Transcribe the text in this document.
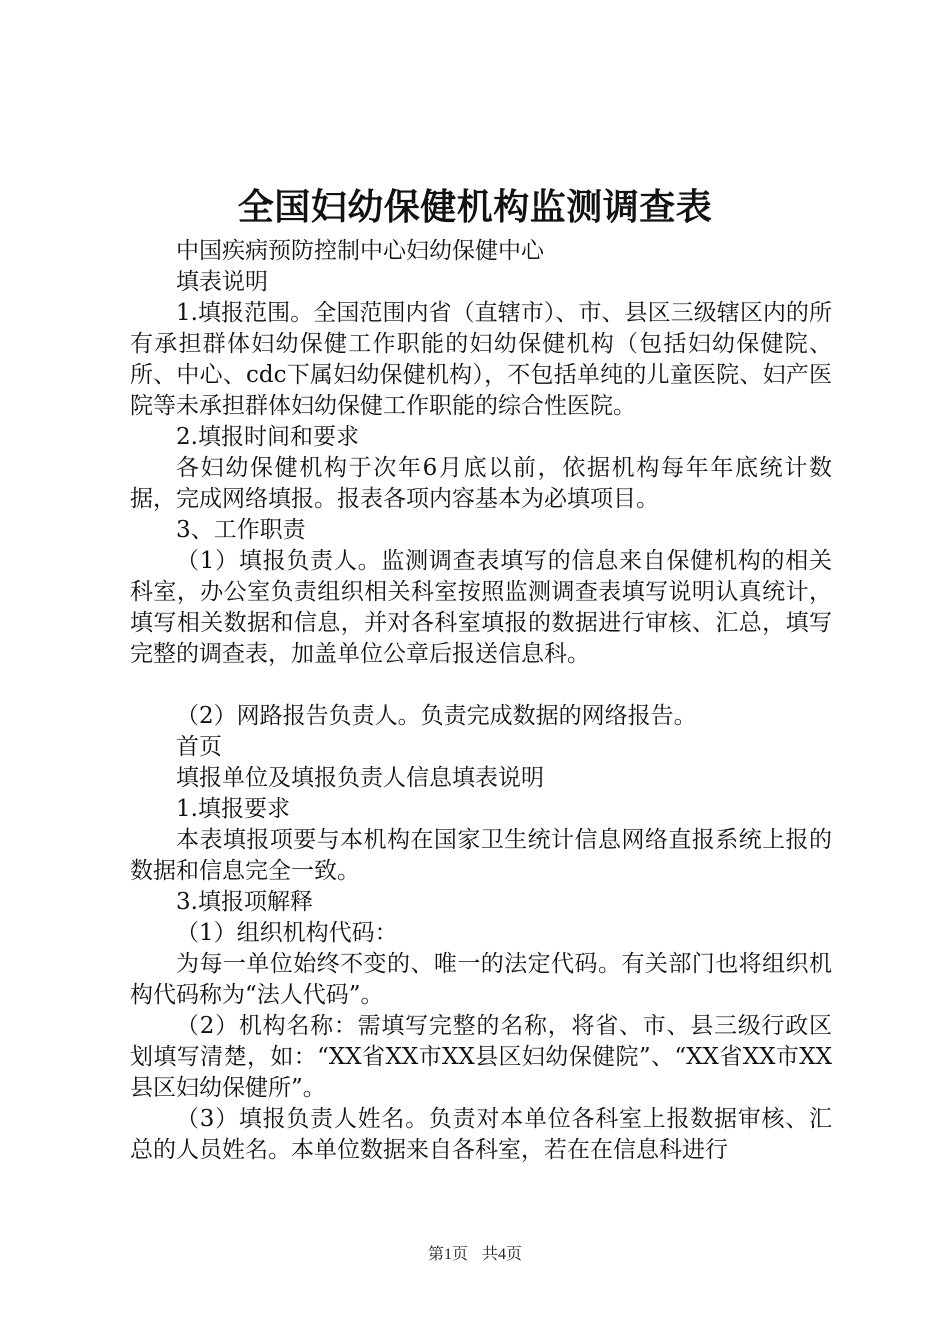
全国妇幼保健机构监测调查表

中国疾病预防控制中心妇幼保健中心

填表说明

1.填报范围。全国范围内省（直辖市）、市、县区三级辖区内的所有承担群体妇幼保健工作职能的妇幼保健机构（包括妇幼保健院、所、中心、cdc下属妇幼保健机构），不包括单纯的儿童医院、妇产医院等未承担群体妇幼保健工作职能的综合性医院。

2.填报时间和要求

各妇幼保健机构于次年6月底以前，依据机构每年年底统计数据，完成网络填报。报表各项内容基本为必填项目。

3、工作职责

（1）填报负责人。监测调查表填写的信息来自保健机构的相关科室，办公室负责组织相关科室按照监测调查表填写说明认真统计，填写相关数据和信息，并对各科室填报的数据进行审核、汇总，填写完整的调查表，加盖单位公章后报送信息科。

（2）网路报告负责人。负责完成数据的网络报告。

首页

填报单位及填报负责人信息填表说明

1.填报要求

本表填报项要与本机构在国家卫生统计信息网络直报系统上报的数据和信息完全一致。

3.填报项解释

（1）组织机构代码：

为每一单位始终不变的、唯一的法定代码。有关部门也将组织机构代码称为“法人代码”。

（2）机构名称：需填写完整的名称，将省、市、县三级行政区划填写清楚，如：“XX省XX市XX县区妇幼保健院”、“XX省XX市XX县区妇幼保健所”。

（3）填报负责人姓名。负责对本单位各科室上报数据审核、汇总的人员姓名。本单位数据来自各科室，若在在信息科进行

第1页 共4页
